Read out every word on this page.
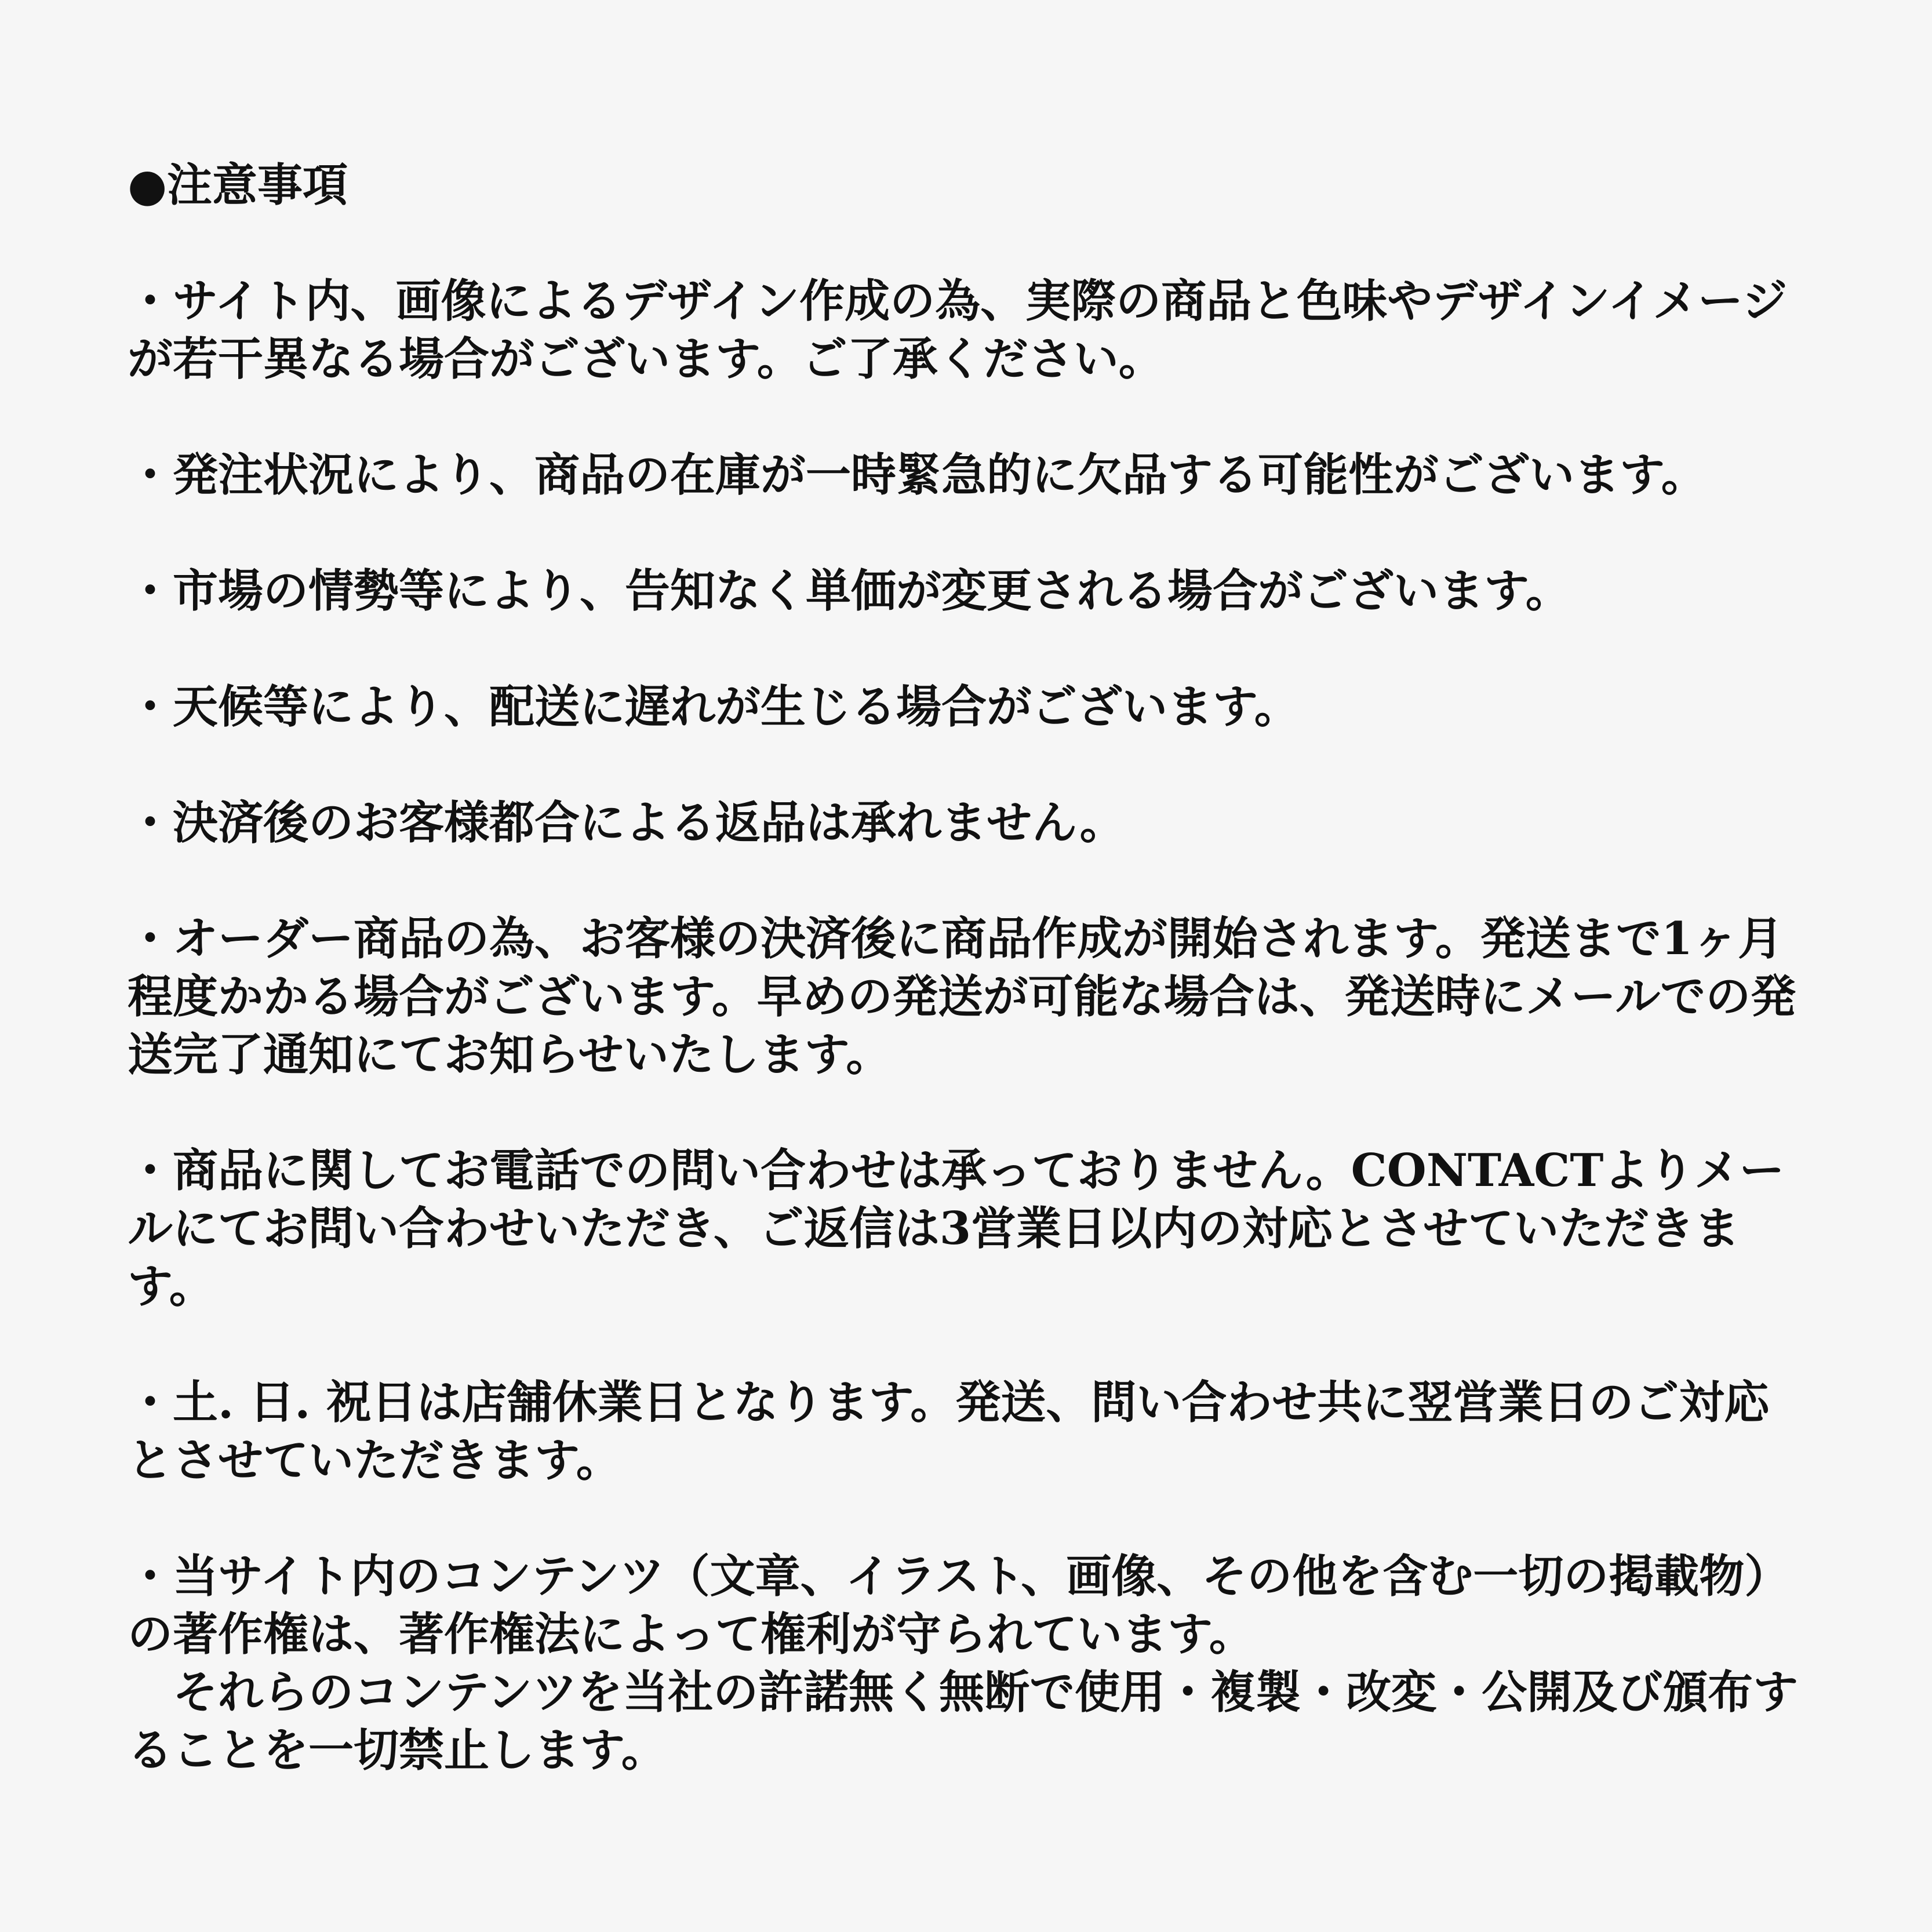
●注意事項

・サイト内、画像によるデザイン作成の為、実際の商品と色味やデザインイメージが若干異なる場合がございます。ご了承ください。

・発注状況により、商品の在庫が一時緊急的に欠品する可能性がございます。

・市場の情勢等により、告知なく単価が変更される場合がございます。

・天候等により、配送に遅れが生じる場合がございます。

・決済後のお客様都合による返品は承れません。

・オーダー商品の為、お客様の決済後に商品作成が開始されます。発送まで1ヶ月程度かかる場合がございます。早めの発送が可能な場合は、発送時にメールでの発送完了通知にてお知らせいたします。

・商品に関してお電話での問い合わせは承っておりません。CONTACTよりメールにてお問い合わせいただき、ご返信は3営業日以内の対応とさせていただきます。

・土. 日. 祝日は店舗休業日となります。発送、問い合わせ共に翌営業日のご対応とさせていただきます。

・当サイト内のコンテンツ（文章、イラスト、画像、その他を含む一切の掲載物）の著作権は、著作権法によって権利が守られています。
　それらのコンテンツを当社の許諾無く無断で使用・複製・改変・公開及び頒布することを一切禁止します。
